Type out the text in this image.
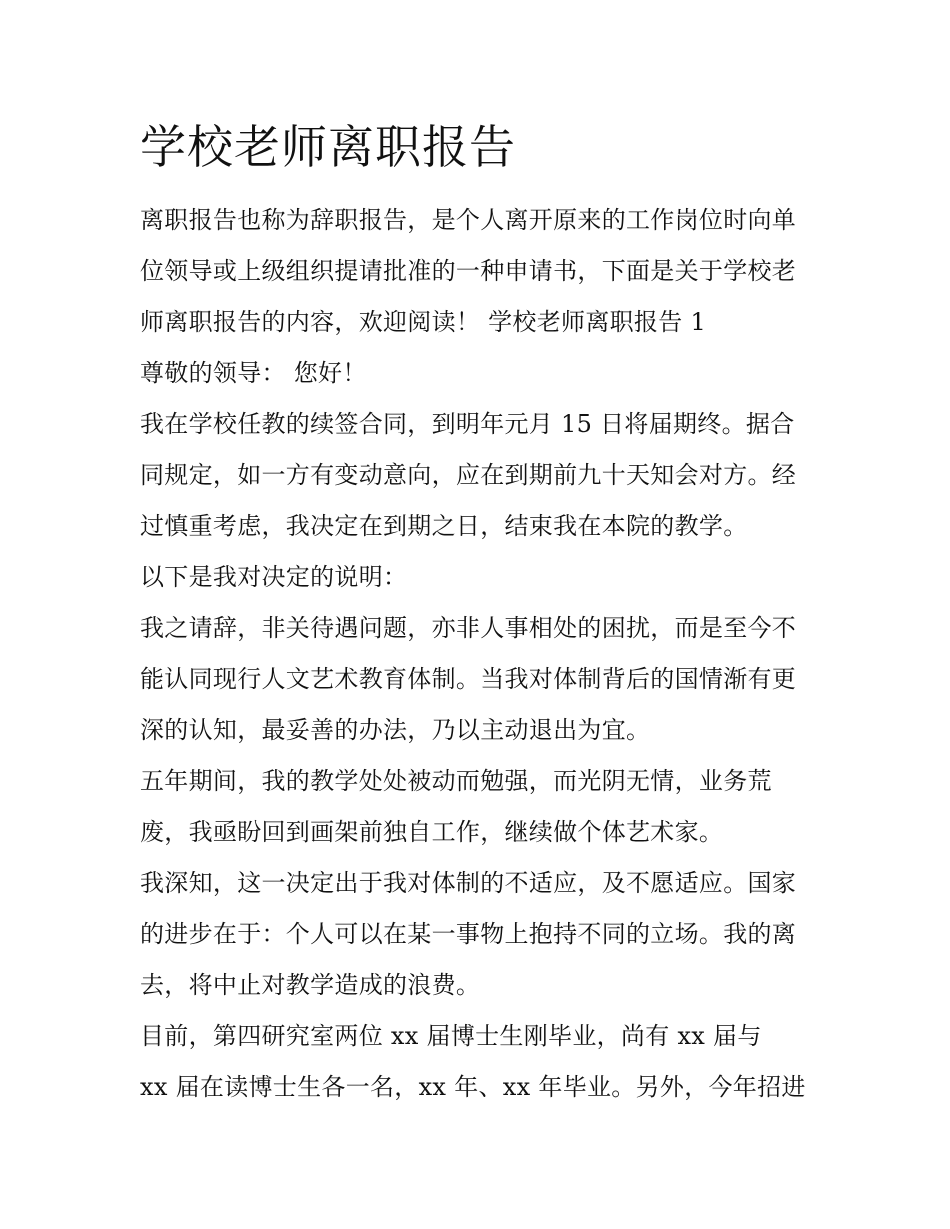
学校老师离职报告

离职报告也称为辞职报告，是个人离开原来的工作岗位时向单

位领导或上级组织提请批准的一种申请书，下面是关于学校老

师离职报告的内容，欢迎阅读！ 学校老师离职报告 1

尊敬的领导： 您好！

我在学校任教的续签合同，到明年元月 15 日将届期终。据合

同规定，如一方有变动意向，应在到期前九十天知会对方。经

过慎重考虑，我决定在到期之日，结束我在本院的教学。

以下是我对决定的说明：

我之请辞，非关待遇问题，亦非人事相处的困扰，而是至今不

能认同现行人文艺术教育体制。当我对体制背后的国情渐有更

深的认知，最妥善的办法，乃以主动退出为宜。

五年期间，我的教学处处被动而勉强，而光阴无情，业务荒

废，我亟盼回到画架前独自工作，继续做个体艺术家。

我深知，这一决定出于我对体制的不适应，及不愿适应。国家

的进步在于：个人可以在某一事物上抱持不同的立场。我的离

去，将中止对教学造成的浪费。

目前，第四研究室两位 xx 届博士生刚毕业，尚有 xx 届与

xx 届在读博士生各一名，xx 年、xx 年毕业。另外，今年招进
